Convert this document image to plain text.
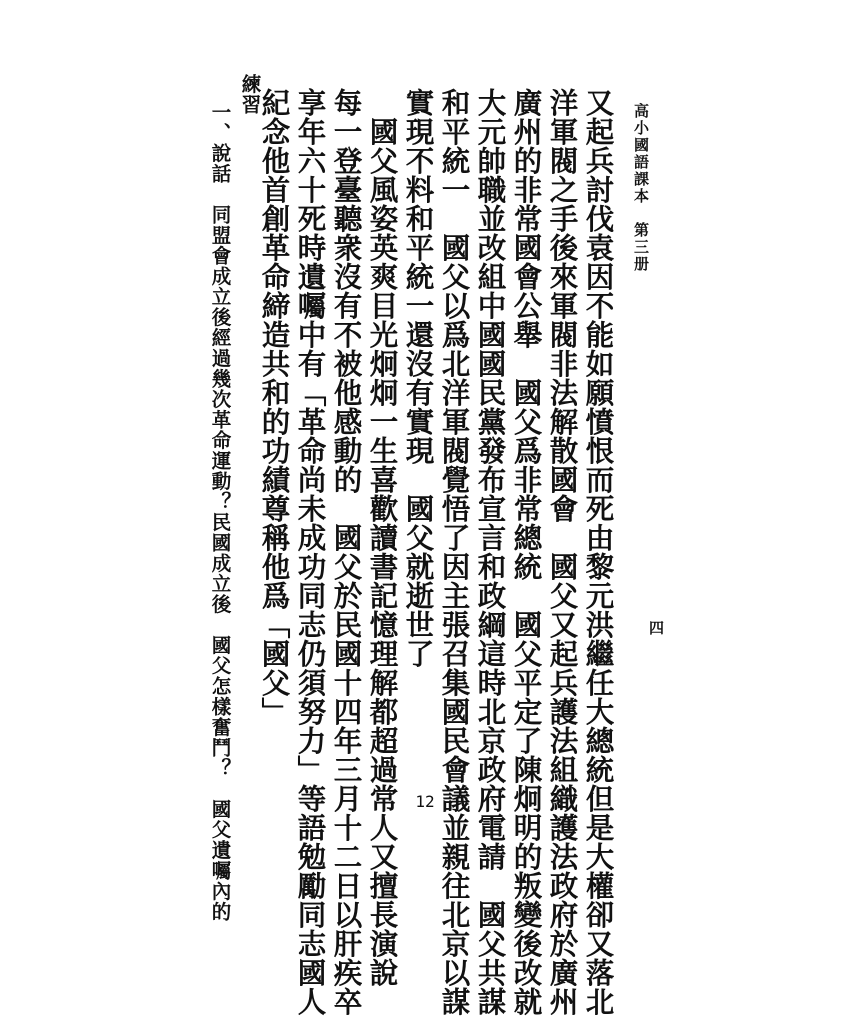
高小國語課本　第三册
四
又起兵討伐袁因不能如願憤恨而死由黎元洪繼任大總統但是大權卻又落北
洋軍閥之手後來軍閥非法解散國會　國父又起兵護法組織護法政府於廣州
廣州的非常國會公舉　國父爲非常總統　國父平定了陳炯明的叛變後改就
大元帥職並改組中國國民黨發布宣言和政綱這時北京政府電請　國父共謀
和平統一　國父以爲北洋軍閥覺悟了因主張召集國民會議並親往北京以謀
實現不料和平統一還沒有實現　國父就逝世了
　國父風姿英爽目光炯炯一生喜歡讀書記憶理解都超過常人又擅長演說
每一登臺聽衆沒有不被他感動的　國父於民國十四年三月十二日以肝疾卒
享年六十死時遺囑中有「革命尚未成功同志仍須努力」等語勉勵同志國人
紀念他首創革命締造共和的功績尊稱他爲「國父」
練習
一、說話　同盟會成立後經過幾次革命運動？民國成立後　國父怎樣奮鬥？　國父遺囑內的	12
